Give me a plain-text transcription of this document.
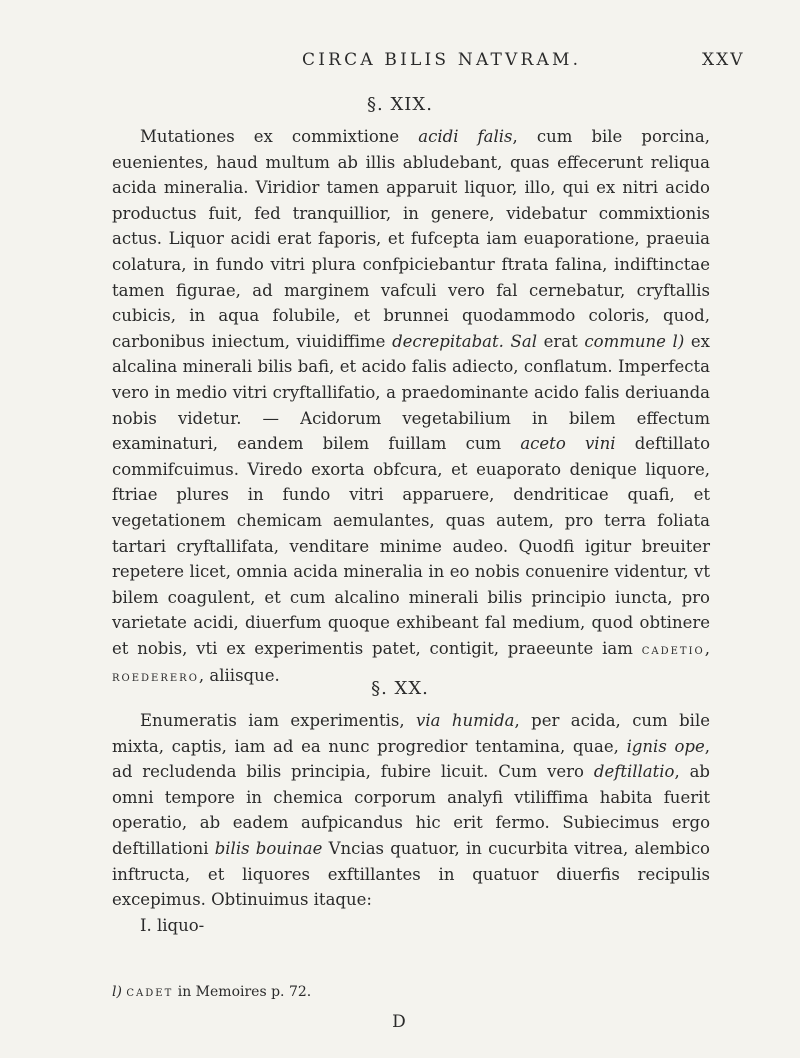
CIRCA BILIS NATVRAM.	XXV
§. XIX.

Mutationes ex commixtione acidi falis, cum bile porcina, euenientes, haud multum ab illis abludebant, quas effecerunt reliqua acida mineralia. Viridior tamen apparuit liquor, illo, qui ex nitri acido productus fuit, fed tranquillior, in genere, videbatur commixtionis actus. Liquor acidi erat faporis, et fufcepta iam euaporatione, praeuia colatura, in fundo vitri plura confpiciebantur ftrata falina, indiftinctae tamen figurae, ad marginem vafculi vero fal cernebatur, cryftallis cubicis, in aqua folubile, et brunnei quodammodo coloris, quod, carbonibus iniectum, viuidiffime decrepitabat. Sal erat commune l) ex alcalina minerali bilis bafi, et acido falis adiecto, conflatum. Imperfecta vero in medio vitri cryftallifatio, a praedominante acido falis deriuanda nobis videtur. — Acidorum vegetabilium in bilem effectum examinaturi, eandem bilem fuillam cum aceto vini deftillato commifcuimus. Viredo exorta obfcura, et euaporato denique liquore, ftriae plures in fundo vitri apparuere, dendriticae quafi, et vegetationem chemicam aemulantes, quas autem, pro terra foliata tartari cryftallifata, venditare minime audeo. Quodfi igitur breuiter repetere licet, omnia acida mineralia in eo nobis conuenire videntur, vt bilem coagulent, et cum alcalino minerali bilis principio iuncta, pro varietate acidi, diuerfum quoque exhibeant fal medium, quod obtinere et nobis, vti ex experimentis patet, contigit, praeeunte iam cadetio, roederero, aliisque.

§. XX.

Enumeratis iam experimentis, via humida, per acida, cum bile mixta, captis, iam ad ea nunc progredior tentamina, quae, ignis ope, ad recludenda bilis principia, fubire licuit. Cum vero deftillatio, ab omni tempore in chemica corporum analyfi vtiliffima habita fuerit operatio, ab eadem aufpicandus hic erit fermo. Subiecimus ergo deftillationi bilis bouinae Vncias quatuor, in cucurbita vitrea, alembico inftructa, et liquores exftillantes in quatuor diuerfis recipulis excepimus. Obtinuimus itaque:

I. liquo-

l) cadet in Memoires p. 72.
D
